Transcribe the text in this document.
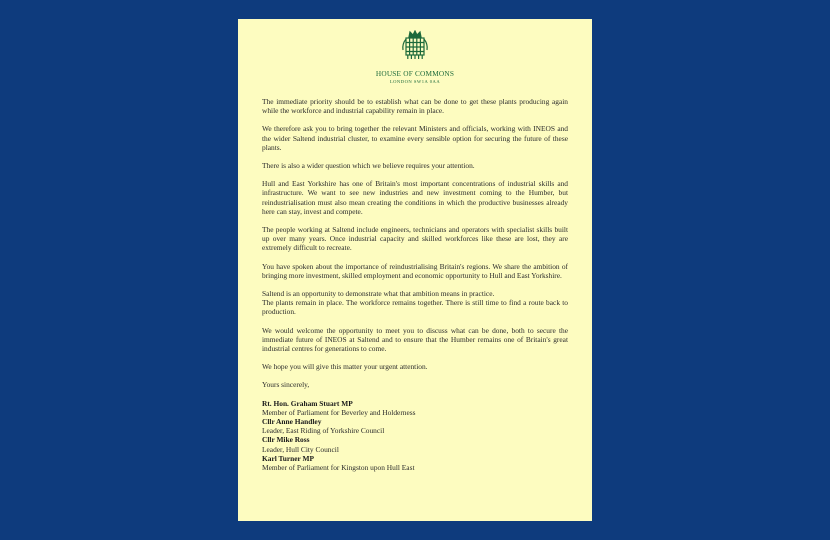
HOUSE OF COMMONS
LONDON SW1A 0AA

The immediate priority should be to establish what can be done to get these plants producing again while the workforce and industrial capability remain in place.

We therefore ask you to bring together the relevant Ministers and officials, working with INEOS and the wider Saltend industrial cluster, to examine every sensible option for securing the future of these plants.

There is also a wider question which we believe requires your attention.

Hull and East Yorkshire has one of Britain's most important concentrations of industrial skills and infrastructure. We want to see new industries and new investment coming to the Humber, but reindustrialisation must also mean creating the conditions in which the productive businesses already here can stay, invest and compete.

The people working at Saltend include engineers, technicians and operators with specialist skills built up over many years. Once industrial capacity and skilled workforces like these are lost, they are extremely difficult to recreate.

You have spoken about the importance of reindustrialising Britain's regions. We share the ambition of bringing more investment, skilled employment and economic opportunity to Hull and East Yorkshire.

Saltend is an opportunity to demonstrate what that ambition means in practice.

The plants remain in place. The workforce remains together. There is still time to find a route back to production.

We would welcome the opportunity to meet you to discuss what can be done, both to secure the immediate future of INEOS at Saltend and to ensure that the Humber remains one of Britain's great industrial centres for generations to come.

We hope you will give this matter your urgent attention.

Yours sincerely,

Rt. Hon. Graham Stuart MP
Member of Parliament for Beverley and Holderness
Cllr Anne Handley
Leader, East Riding of Yorkshire Council
Cllr Mike Ross
Leader, Hull City Council
Karl Turner MP
Member of Parliament for Kingston upon Hull East
